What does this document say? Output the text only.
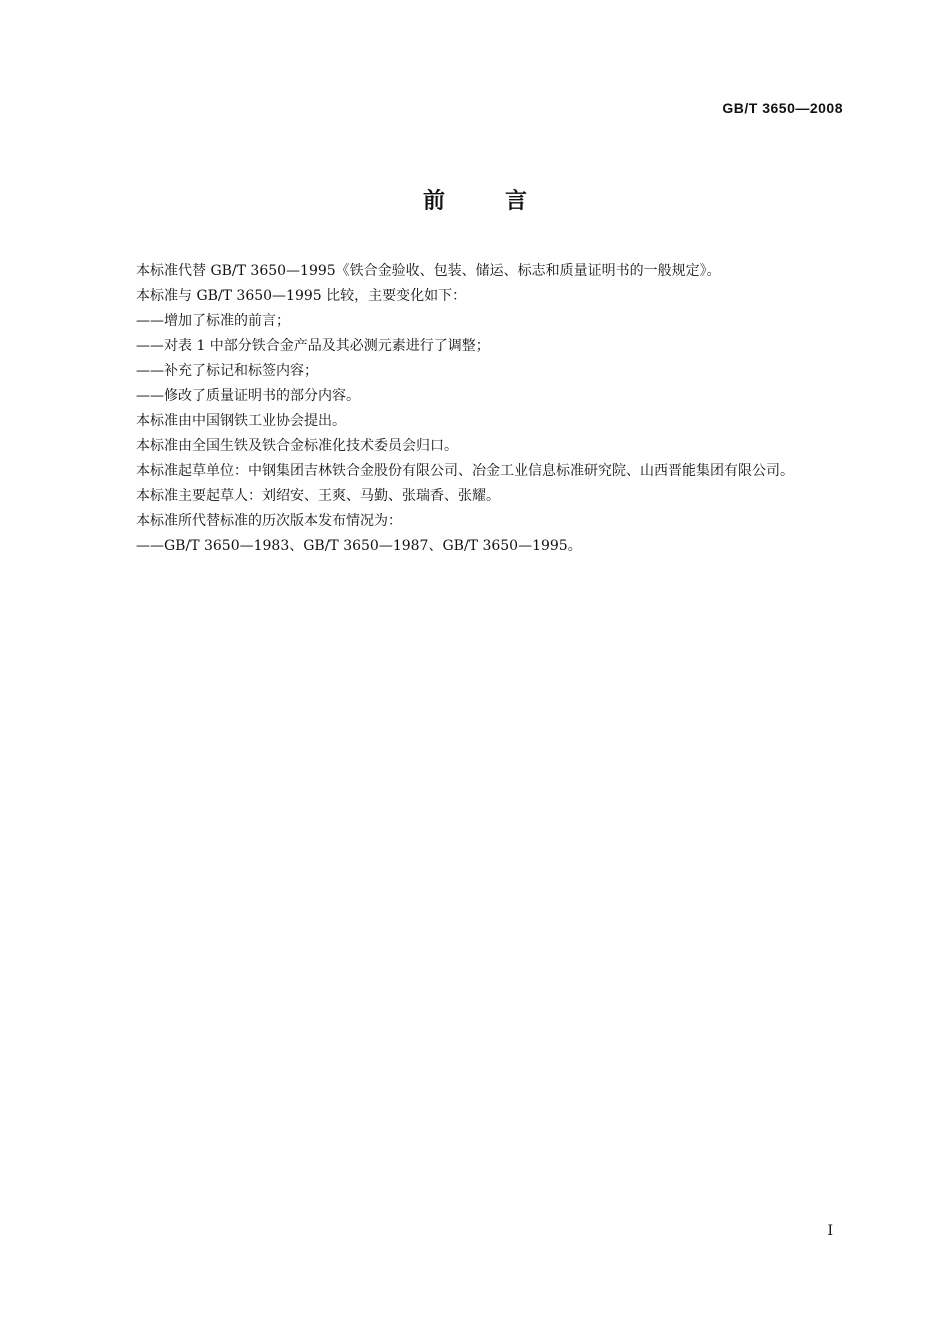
GB/T 3650—2008
前	言

本标准代替 GB/T 3650—1995《铁合金验收、包装、储运、标志和质量证明书的一般规定》。

本标准与 GB/T 3650—1995 比较，主要变化如下：

——增加了标准的前言；

——对表 1 中部分铁合金产品及其必测元素进行了调整；

——补充了标记和标签内容；

——修改了质量证明书的部分内容。

本标准由中国钢铁工业协会提出。

本标准由全国生铁及铁合金标准化技术委员会归口。

本标准起草单位：中钢集团吉林铁合金股份有限公司、冶金工业信息标准研究院、山西晋能集团有限公司。

本标准主要起草人：刘绍安、王爽、马勤、张瑞香、张耀。

本标准所代替标准的历次版本发布情况为：

——GB/T 3650—1983、GB/T 3650—1987、GB/T 3650—1995。

I
